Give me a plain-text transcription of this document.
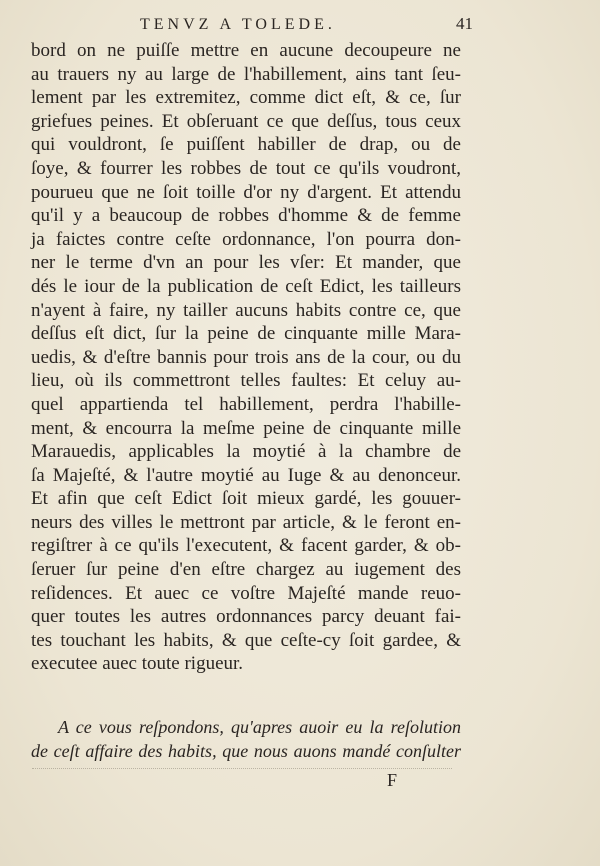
TENVZ A TOLEDE.	41
bord on ne puiſſe mettre en aucune decoupeure ne
au trauers ny au large de l'habillement, ains tant ſeu-
lement par les extremitez, comme dict eſt, & ce, ſur
griefues peines. Et obſeruant ce que deſſus, tous ceux
qui vouldront, ſe puiſſent habiller de drap, ou de
ſoye, & fourrer les robbes de tout ce qu'ils voudront,
pourueu que ne ſoit toille d'or ny d'argent. Et attendu
qu'il y a beaucoup de robbes d'homme & de femme
ja faictes contre ceſte ordonnance, l'on pourra don-
ner le terme d'vn an pour les vſer: Et mander, que
dés le iour de la publication de ceſt Edict, les tailleurs
n'ayent à faire, ny tailler aucuns habits contre ce, que
deſſus eſt dict, ſur la peine de cinquante mille Mara-
uedis, & d'eſtre bannis pour trois ans de la cour, ou du
lieu, où ils commettront telles faultes: Et celuy au-
quel appartienda tel habillement, perdra l'habille-
ment, & encourra la meſme peine de cinquante mille
Marauedis, applicables la moytié à la chambre de
ſa Majeſté, & l'autre moytié au Iuge & au denonceur.
Et afin que ceſt Edict ſoit mieux gardé, les gouuer-
neurs des villes le mettront par article, & le feront en-
regiſtrer à ce qu'ils l'executent, & facent garder, & ob-
ſeruer ſur peine d'en eſtre chargez au iugement des
reſidences. Et auec ce voſtre Majeſté mande reuo-
quer toutes les autres ordonnances parcy deuant fai-
tes touchant les habits, & que ceſte-cy ſoit gardee, &
executee auec toute rigueur.
A ce vous reſpondons, qu'apres auoir eu la reſolution
de ceſt affaire des habits, que nous auons mandé conſulter
F
